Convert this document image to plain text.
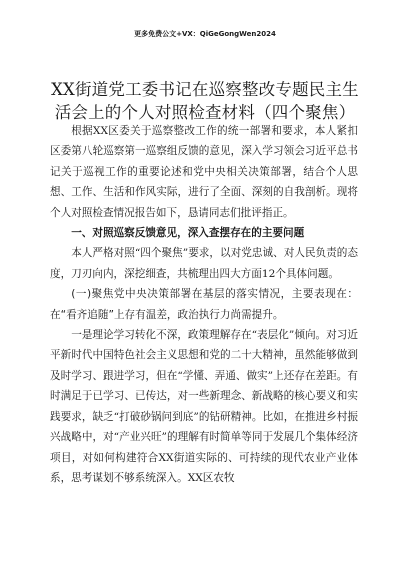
更多免费公文+VX：QiGeGongWen2024
XX街道党工委书记在巡察整改专题民主生活会上的个人对照检查材料（四个聚焦）

根据XX区委关于巡察整改工作的统一部署和要求，本人紧扣区委第八轮巡察第一巡察组反馈的意见，深入学习领会习近平总书记关于巡视工作的重要论述和党中央相关决策部署，结合个人思想、工作、生活和作风实际，进行了全面、深刻的自我剖析。现将个人对照检查情况报告如下，恳请同志们批评指正。

一、对照巡察反馈意见，深入查摆存在的主要问题

本人严格对照“四个聚焦”要求，以对党忠诚、对人民负责的态度，刀刃向内，深挖细查，共梳理出四大方面12个具体问题。

(一)聚焦党中央决策部署在基层的落实情况，主要表现在：在“看齐追随”上存有温差，政治执行力尚需提升。

一是理论学习转化不深，政策理解存在“表层化”倾向。对习近平新时代中国特色社会主义思想和党的二十大精神，虽然能够做到及时学习、跟进学习，但在“学懂、弄通、做实”上还存在差距。有时满足于已学习、已传达，对一些新理念、新战略的核心要义和实践要求，缺乏“打破砂锅问到底”的钻研精神。比如，在推进乡村振兴战略中，对“产业兴旺”的理解有时简单等同于发展几个集体经济项目，对如何构建符合XX街道实际的、可持续的现代农业产业体系，思考谋划不够系统深入。XX区农牧
